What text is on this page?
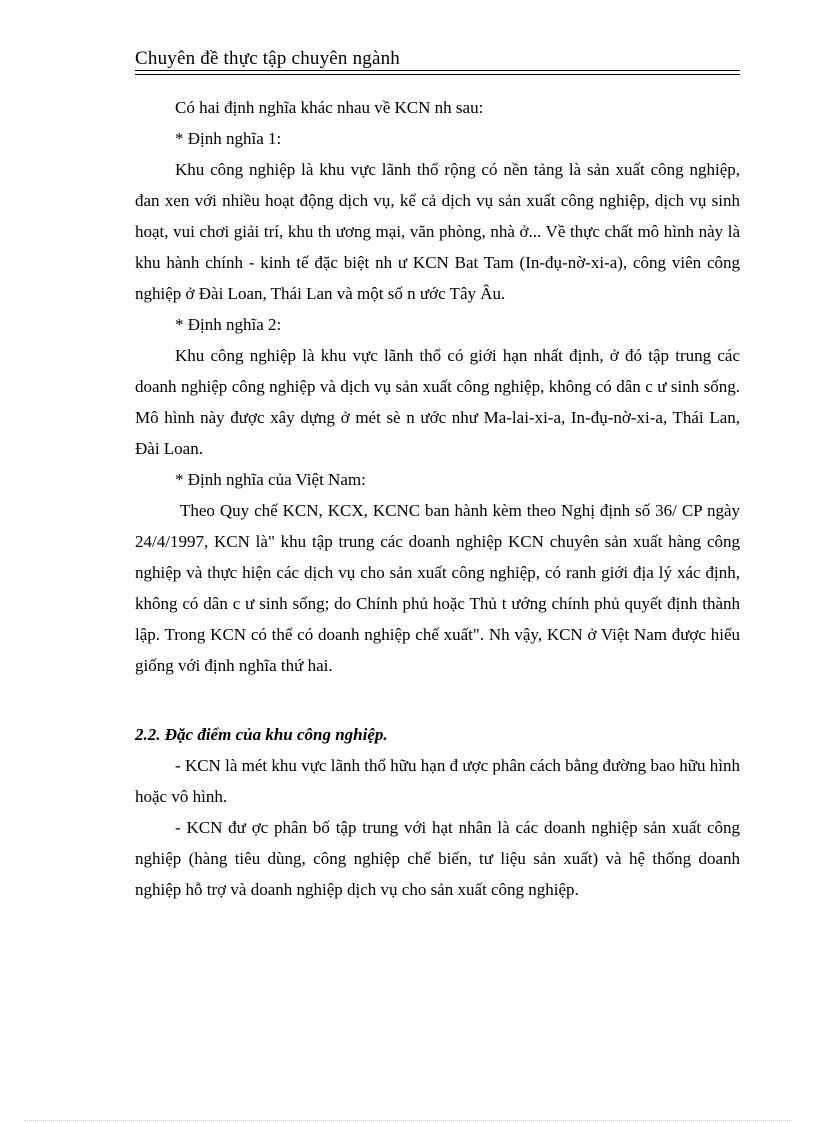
Chuyên đề thực tập chuyên ngành

Có hai định nghĩa khác nhau về KCN nh sau:

* Định nghĩa 1:

Khu công nghiệp là khu vực lãnh thổ rộng có nền tảng là sản xuất công nghiệp, đan xen với nhiều hoạt động dịch vụ, kể cả dịch vụ sản xuất công nghiệp, dịch vụ sinh hoạt, vui chơi giải trí, khu th ương mại, văn phòng, nhà ở... Về thực chất mô hình này là khu hành chính - kinh tế đặc biệt nh ư KCN Bat Tam (In-đụ-nờ-xi-a), công viên công nghiệp ở Đài Loan, Thái Lan và một số n ước Tây Âu.

* Định nghĩa 2:

Khu công nghiệp là khu vực lãnh thổ có giới hạn nhất định, ở đó tập trung các doanh nghiệp công nghiệp và dịch vụ sản xuất công nghiệp, không có dân c ư sinh sống. Mô hình này được xây dựng ở mét sè n ước như Ma-lai-xi-a, In-đụ-nờ-xi-a, Thái Lan, Đài Loan.

* Định nghĩa của Việt Nam:

Theo Quy chế KCN, KCX, KCNC ban hành kèm theo Nghị định số 36/ CP ngày 24/4/1997, KCN là" khu tập trung các doanh nghiệp KCN chuyên sản xuất hàng công nghiệp và thực hiện các dịch vụ cho sản xuất công nghiệp, có ranh giới địa lý xác định, không có dân c ư sinh sống; do Chính phủ hoặc Thủ t ướng chính phủ quyết định thành lập. Trong KCN có thể có doanh nghiệp chế xuất". Nh vậy, KCN ở Việt Nam được hiểu giống với định nghĩa thứ hai.

2.2. Đặc điểm của khu công nghiệp.

- KCN là mét khu vực lãnh thổ hữu hạn đ ược phân cách bằng đường bao hữu hình hoặc vô hình.

- KCN đư ợc phân bố tập trung với hạt nhân là các doanh nghiệp sản xuất công nghiệp (hàng tiêu dùng, công nghiệp chế biến, tư liệu sản xuất) và hệ thống doanh nghiệp hỗ trợ và doanh nghiệp dịch vụ cho sản xuất công nghiệp.
